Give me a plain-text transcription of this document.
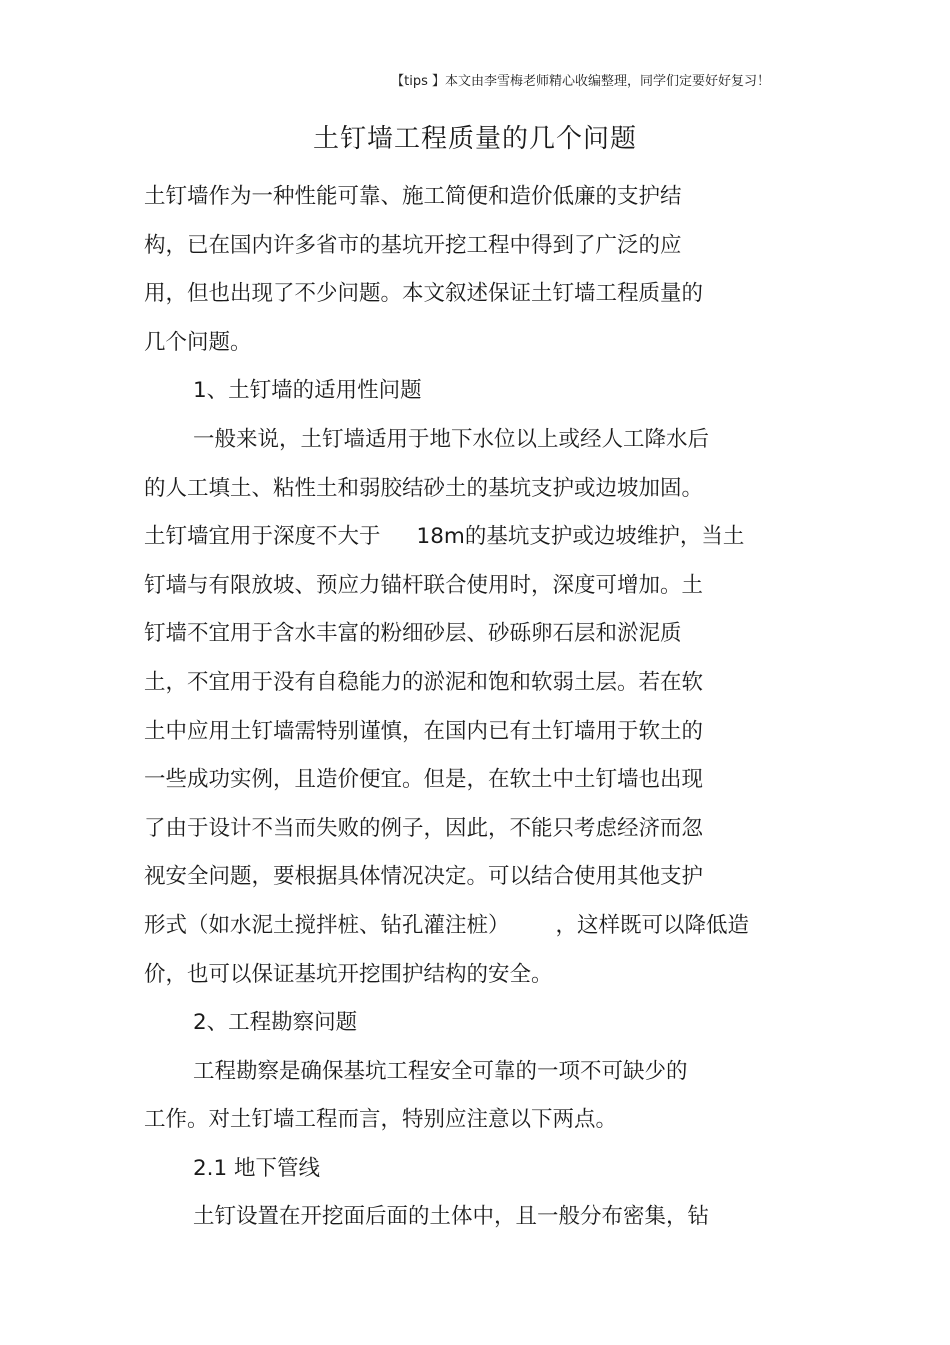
【tips 】本文由李雪梅老师精心收编整理，同学们定要好好复习！
土钉墙工程质量的几个问题
土钉墙作为一种性能可靠、施工简便和造价低廉的支护结
构，已在国内许多省市的基坑开挖工程中得到了广泛的应
用，但也出现了不少问题。本文叙述保证土钉墙工程质量的
几个问题。
1、土钉墙的适用性问题
一般来说，土钉墙适用于地下水位以上或经人工降水后
的人工填土、粘性土和弱胶结砂土的基坑支护或边坡加固。
土钉墙宜用于深度不大于 18m的基坑支护或边坡维护，当土
钉墙与有限放坡、预应力锚杆联合使用时，深度可增加。土
钉墙不宜用于含水丰富的粉细砂层、砂砾卵石层和淤泥质
土，不宜用于没有自稳能力的淤泥和饱和软弱土层。若在软
土中应用土钉墙需特别谨慎，在国内已有土钉墙用于软土的
一些成功实例，且造价便宜。但是，在软土中土钉墙也出现
了由于设计不当而失败的例子，因此，不能只考虑经济而忽
视安全问题，要根据具体情况决定。可以结合使用其他支护
形式（如水泥土搅拌桩、钻孔灌注桩） ，这样既可以降低造
价，也可以保证基坑开挖围护结构的安全。
2、工程勘察问题
工程勘察是确保基坑工程安全可靠的一项不可缺少的
工作。对土钉墙工程而言，特别应注意以下两点。
2.1 地下管线
土钉设置在开挖面后面的土体中，且一般分布密集，钻
